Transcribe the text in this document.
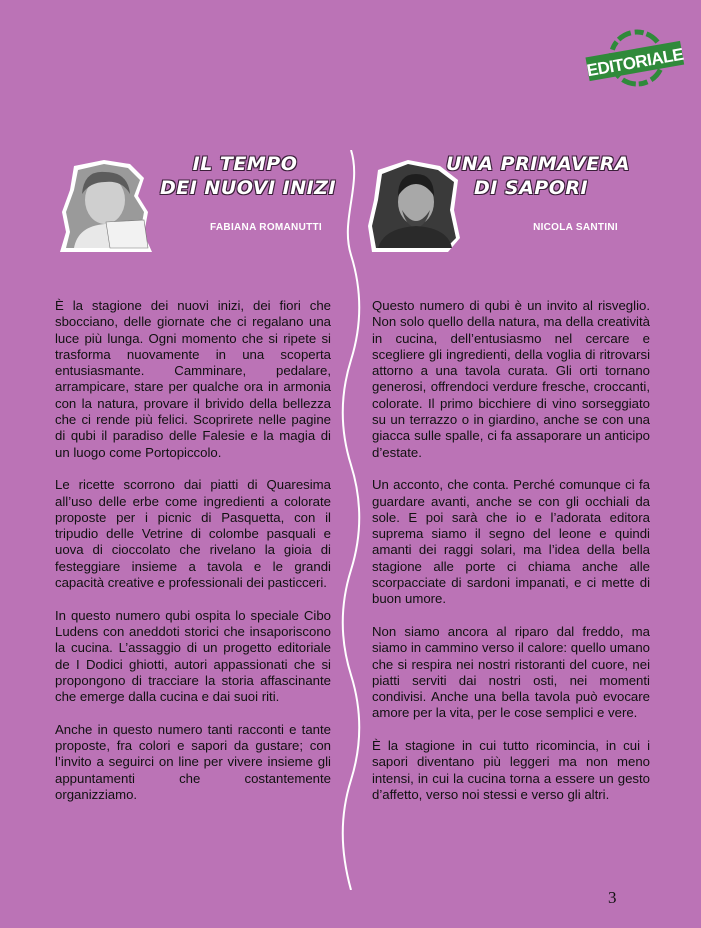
EDITORIALE
IL TEMPO
DEI NUOVI INIZI
FABIANA ROMANUTTI
UNA PRIMAVERA
DI SAPORI
NICOLA SANTINI

È la stagione dei nuovi inizi, dei fiori che sbocciano, delle giornate che ci regalano una luce più lunga. Ogni momento che si ripete si trasforma nuovamente in una scoperta entusiasmante. Camminare, pedalare, arrampicare, stare per qualche ora in armonia con la natura, provare il brivido della bellezza che ci rende più felici. Scoprirete nelle pagine di qubi il paradiso delle Falesie e la magia di un luogo come Portopiccolo.

Le ricette scorrono dai piatti di Quaresima all’uso delle erbe come ingredienti a colorate proposte per i picnic di Pasquetta, con il tripudio delle Vetrine di colombe pasquali e uova di cioccolato che rivelano la gioia di festeggiare insieme a tavola e le grandi capacità creative e professionali dei pasticceri.

In questo numero qubi ospita lo speciale Cibo Ludens con aneddoti storici che insaporiscono la cucina. L’assaggio di un progetto editoriale de I Dodici ghiotti, autori appassionati che si propongono di tracciare la storia affascinante che emerge dalla cucina e dai suoi riti.

Anche in questo numero tanti racconti e tante proposte, fra colori e sapori da gustare; con l’invito a seguirci on line per vivere insieme gli appuntamenti che costantemente organizziamo.

Questo numero di qubi è un invito al risveglio. Non solo quello della natura, ma della creatività in cucina, dell’entusiasmo nel cercare e scegliere gli ingredienti, della voglia di ritrovarsi attorno a una tavola curata. Gli orti tornano generosi, offrendoci verdure fresche, croccanti, colorate. Il primo bicchiere di vino sorseggiato su un terrazzo o in giardino, anche se con una giacca sulle spalle, ci fa assaporare un anticipo d’estate.

Un acconto, che conta. Perché comunque ci fa guardare avanti, anche se con gli occhiali da sole. E poi sarà che io e l’adorata editora suprema siamo il segno del leone e quindi amanti dei raggi solari, ma l’idea della bella stagione alle porte ci chiama anche alle scorpacciate di sardoni impanati, e ci mette di buon umore.

Non siamo ancora al riparo dal freddo, ma siamo in cammino verso il calore: quello umano che si respira nei nostri ristoranti del cuore, nei piatti serviti dai nostri osti, nei momenti condivisi. Anche una bella tavola può evocare amore per la vita, per le cose semplici e vere.

È la stagione in cui tutto ricomincia, in cui i sapori diventano più leggeri ma non meno intensi, in cui la cucina torna a essere un gesto d’affetto, verso noi stessi e verso gli altri.

3
